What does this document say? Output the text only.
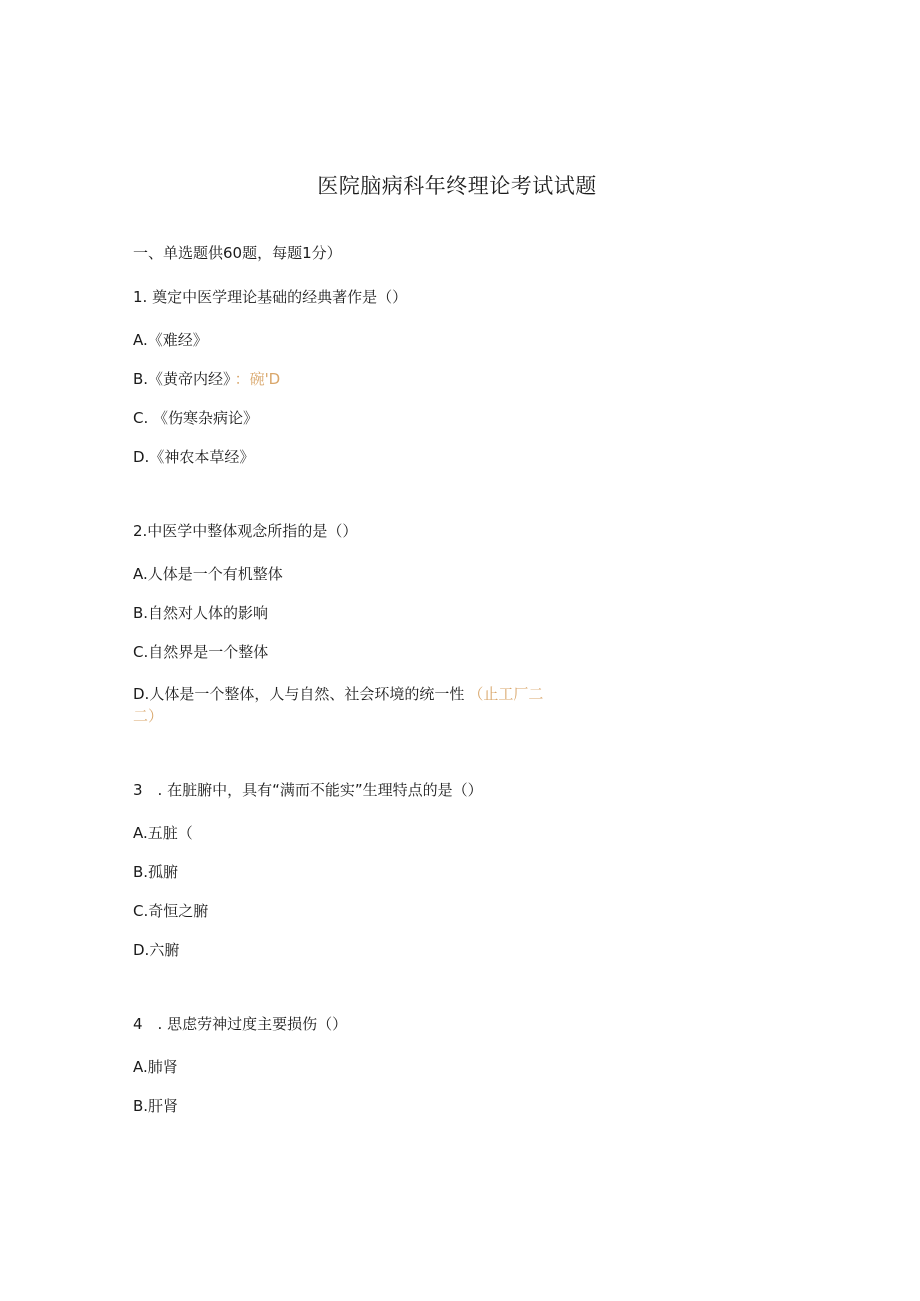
医院脑病科年终理论考试试题
一、单选题供60题，每题1分）
1. 奠定中医学理论基础的经典著作是（）
A.《难经》
B.《黄帝内经》 ：碗'D
C. 《伤寒杂病论》
D.《神农本草经》
2.中医学中整体观念所指的是（）
A.人体是一个有机整体
B.自然对人体的影响
C.自然界是一个整体
D.人体是一个整体，人与自然、社会环境的统一性 （止工厂二
二）
3　. 在脏腑中，具有“满而不能实”生理特点的是（）
A.五脏（
B.孤腑
C.奇恒之腑
D.六腑
4　. 思虑劳神过度主要损伤（）
A.肺肾
B.肝肾
